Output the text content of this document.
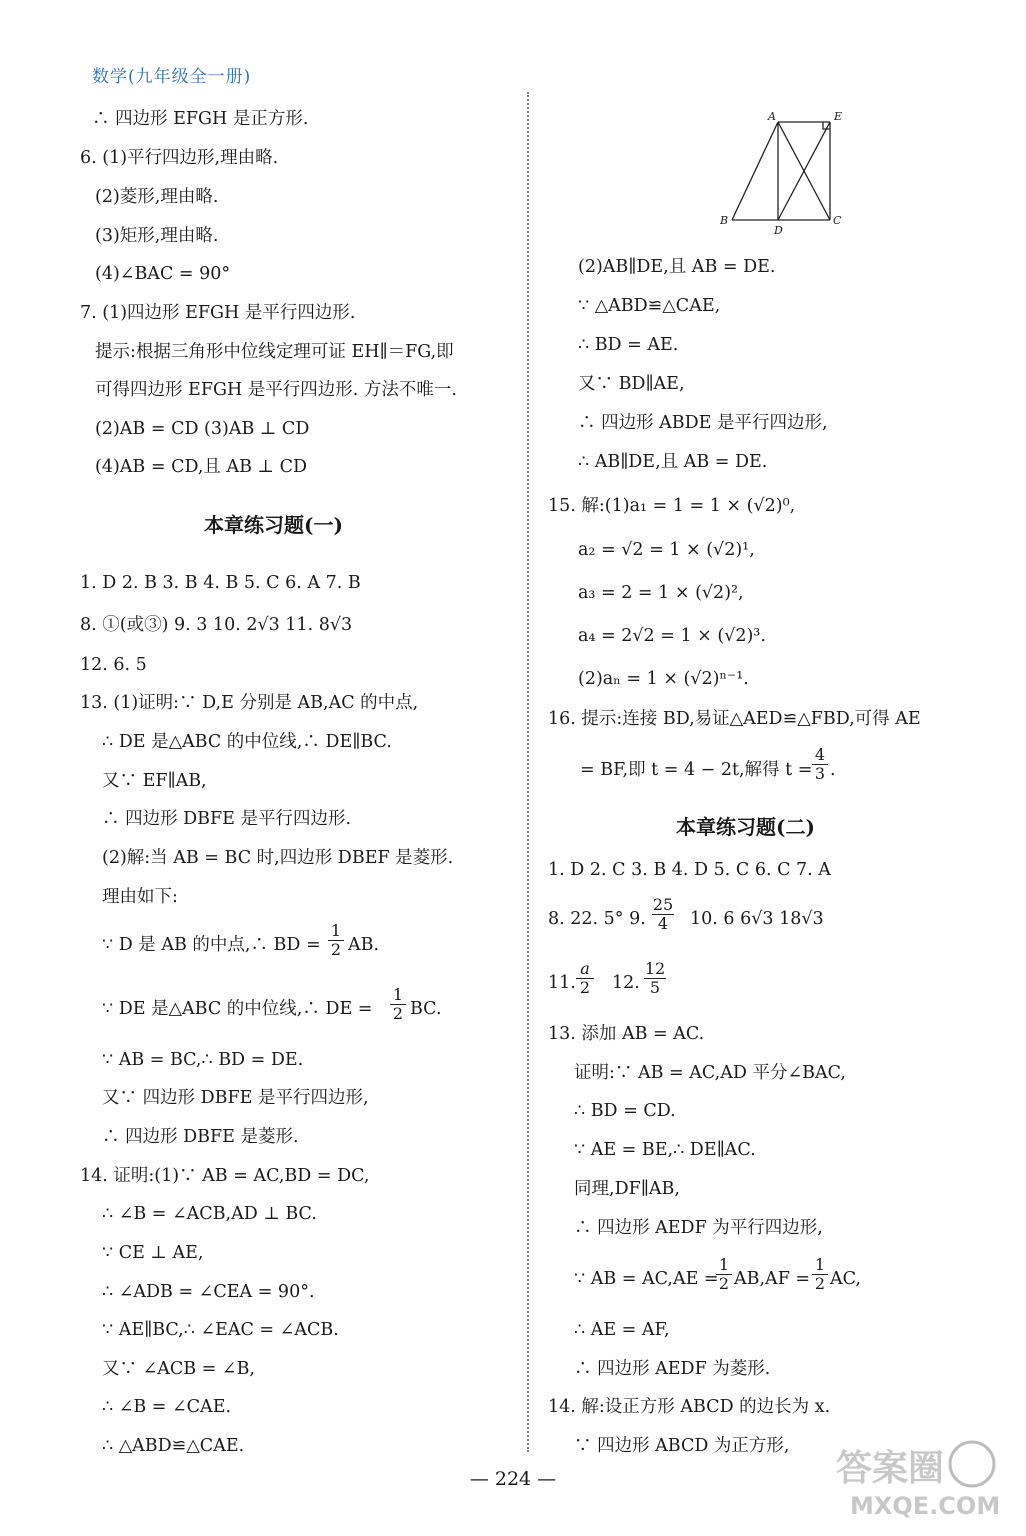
数学(九年级全一册)
∴ 四边形 EFGH 是正方形.
6. (1)平行四边形,理由略.
(2)菱形,理由略.
(3)矩形,理由略.
(4)∠BAC = 90°
7. (1)四边形 EFGH 是平行四边形.
提示:根据三角形中位线定理可证 EH∥＝FG,即
可得四边形 EFGH 是平行四边形. 方法不唯一.
(2)AB = CD (3)AB ⊥ CD
(4)AB = CD,且 AB ⊥ CD
本章练习题(一)
1. D 2. B 3. B 4. B 5. C 6. A 7. B
8. ①(或③) 9. 3 10. 2√3 11. 8√3
12. 6. 5
13. (1)证明:∵ D,E 分别是 AB,AC 的中点,
∴ DE 是△ABC 的中位线,∴ DE∥BC.
又∵ EF∥AB,
∴ 四边形 DBFE 是平行四边形.
(2)解:当 AB = BC 时,四边形 DBEF 是菱形.
理由如下:
∵ D 是 AB 的中点,∴ BD = $\frac{1}{2}$ AB.
∵ DE 是△ABC 的中位线,∴ DE = $\frac{1}{2}$ BC.
∵ AB = BC,∴ BD = DE.
又∵ 四边形 DBFE 是平行四边形,
∴ 四边形 DBFE 是菱形.
14. 证明:(1)∵ AB = AC,BD = DC,
∴ ∠B = ∠ACB,AD ⊥ BC.
∵ CE ⊥ AE,
∴ ∠ADB = ∠CEA = 90°.
∵ AE∥BC,∴ ∠EAC = ∠ACB.
又∵ ∠ACB = ∠B,
∴ ∠B = ∠CAE.
∴ △ABD≌△CAE.
A	E
B
D
C
(2)AB∥DE,且 AB = DE.
∵ △ABD≌△CAE,
∴ BD = AE.
又∵ BD∥AE,
∴ 四边形 ABDE 是平行四边形,
∴ AB∥DE,且 AB = DE.
15. 解:(1)a₁ = 1 = 1 × (√2)⁰,
a₂ = √2 = 1 × (√2)¹,
a₃ = 2 = 1 × (√2)²,
a₄ = 2√2 = 1 × (√2)³.
(2)aₙ = 1 × (√2)ⁿ⁻¹.
16. 提示:连接 BD,易证△AED≌△FBD,可得 AE
= BF,即 t = 4 − 2t,解得 $t = \frac{4}{3}$ .
本章练习题(二)
1. D 2. C 3. B 4. D 5. C 6. C 7. A
8. 22. 5° 9. $\frac{25}{4} 10$. 6 6√3 18√3
11. $\frac{a}{2} 12$. $\frac{12}{5}$
13. 添加 AB = AC.
证明:∵ AB = AC,AD 平分∠BAC,
∴ BD = CD.
∵ AE = BE,∴ DE∥AC.
同理,DF∥AB,
∴ 四边形 AEDF 为平行四边形,
∵ AB = AC,AE =
$\frac{1}{2} AB,AF = \frac{1}{2}$ AC,
∴ AE = AF,
∴ 四边形 AEDF 为菱形.
14. 解:设正方形 ABCD 的边长为 x.
∵ 四边形 ABCD 为正方形,
— 224 —	答案圈
MXQE.COM
